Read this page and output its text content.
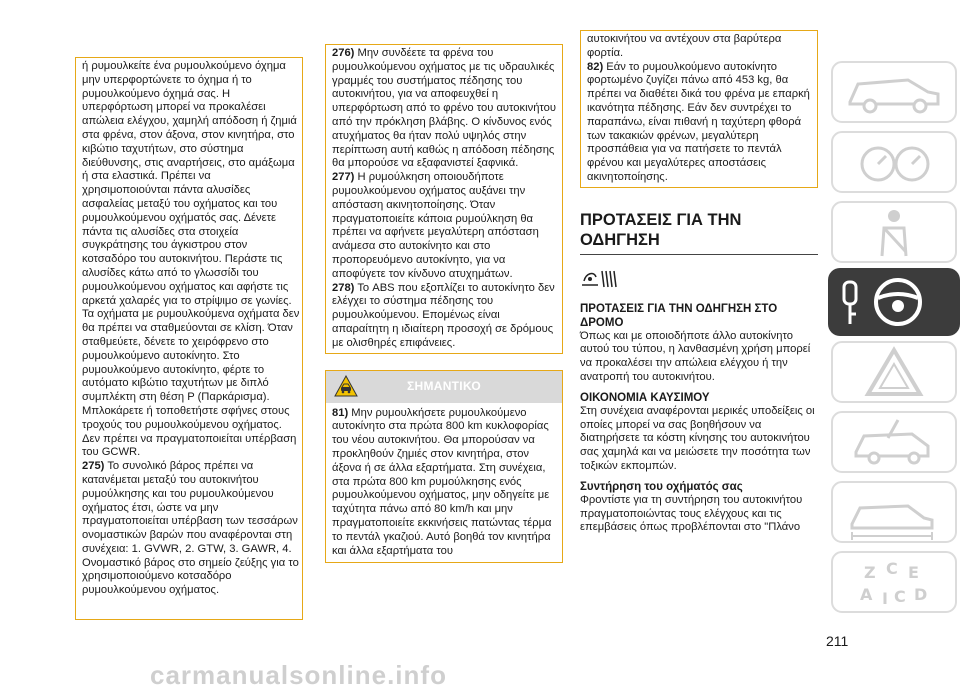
ή ρυμουλκείτε ένα ρυμουλκούμενο όχημα μην υπερφορτώνετε το όχημα ή το ρυμουλκούμενο όχημά σας. Η υπερφόρτωση μπορεί να προκαλέσει απώλεια ελέγχου, χαμηλή απόδοση ή ζημιά στα φρένα, στον άξονα, στον κινητήρα, στο κιβώτιο ταχυτήτων, στο σύστημα διεύθυνσης, στις αναρτήσεις, στο αμάξωμα ή στα ελαστικά. Πρέπει να χρησιμοποιούνται πάντα αλυσίδες ασφαλείας μεταξύ του οχήματος και του ρυμουλκούμενου οχήματός σας. Δένετε πάντα τις αλυσίδες στα στοιχεία συγκράτησης του άγκιστρου στον κοτσαδόρο του αυτοκινήτου. Περάστε τις αλυσίδες κάτω από το γλωσσίδι του ρυμουλκούμενου οχήματος και αφήστε τις αρκετά χαλαρές για το στρίψιμο σε γωνίες. Τα οχήματα με ρυμουλκούμενα οχήματα δεν θα πρέπει να σταθμεύονται σε κλίση. Όταν σταθμεύετε, δένετε το χειρόφρενο στο ρυμουλκούμενο αυτοκίνητο. Στο ρυμουλκούμενο αυτοκίνητο, φέρτε το αυτόματο κιβώτιο ταχυτήτων με διπλό συμπλέκτη στη θέση P (Παρκάρισμα). Μπλοκάρετε ή τοποθετήστε σφήνες στους τροχούς του ρυμουλκούμενου οχήματος. Δεν πρέπει να πραγματοποιείται υπέρβαση του GCWR.

275) Το συνολικό βάρος πρέπει να κατανέμεται μεταξύ του αυτοκινήτου ρυμούλκησης και του ρυμουλκούμενου οχήματος έτσι, ώστε να μην πραγματοποιείται υπέρβαση των τεσσάρων ονομαστικών βαρών που αναφέρονται στη συνέχεια: 1. GVWR, 2. GTW, 3. GAWR, 4. Ονομαστικό βάρος στο σημείο ζεύξης για το χρησιμοποιούμενο κοτσαδόρο ρυμουλκούμενου οχήματος.

276) Μην συνδέετε τα φρένα του ρυμουλκούμενου οχήματος με τις υδραυλικές γραμμές του συστήματος πέδησης του αυτοκινήτου, για να αποφευχθεί η υπερφόρτωση από το φρένο του αυτοκινήτου από την πρόκληση βλάβης. Ο κίνδυνος ενός ατυχήματος θα ήταν πολύ υψηλός στην περίπτωση αυτή καθώς η απόδοση πέδησης θα μπορούσε να εξαφανιστεί ξαφνικά.

277) Η ρυμούλκηση οποιουδήποτε ρυμουλκούμενου οχήματος αυξάνει την απόσταση ακινητοποίησης. Όταν πραγματοποιείτε κάποια ρυμούλκηση θα πρέπει να αφήνετε μεγαλύτερη απόσταση ανάμεσα στο αυτοκίνητο και στο προπορευόμενο αυτοκίνητο, για να αποφύγετε τον κίνδυνο ατυχημάτων.

278) Το ABS που εξοπλίζει το αυτοκίνητο δεν ελέγχει το σύστημα πέδησης του ρυμουλκούμενου. Επομένως είναι απαραίτητη η ιδιαίτερη προσοχή σε δρόμους με ολισθηρές επιφάνειες.

ΣΗΜΑΝΤΙΚΟ

81) Μην ρυμουλκήσετε ρυμουλκούμενο αυτοκίνητο στα πρώτα 800 km κυκλοφορίας του νέου αυτοκινήτου. Θα μπορούσαν να προκληθούν ζημιές στον κινητήρα, στον άξονα ή σε άλλα εξαρτήματα. Στη συνέχεια, στα πρώτα 800 km ρυμούλκησης ενός ρυμουλκούμενου οχήματος, μην οδηγείτε με ταχύτητα πάνω από 80 km/h και μην πραγματοποιείτε εκκινήσεις πατώντας τέρμα το πεντάλ γκαζιού. Αυτό βοηθά τον κινητήρα και άλλα εξαρτήματα του

αυτοκινήτου να αντέχουν στα βαρύτερα φορτία.

82) Εάν το ρυμουλκούμενο αυτοκίνητο φορτωμένο ζυγίζει πάνω από 453 kg, θα πρέπει να διαθέτει δικά του φρένα με επαρκή ικανότητα πέδησης. Εάν δεν συντρέχει το παραπάνω, είναι πιθανή η ταχύτερη φθορά των τακακιών φρένων, μεγαλύτερη προσπάθεια για να πατήσετε το πεντάλ φρένου και μεγαλύτερες αποστάσεις ακινητοποίησης.

ΠΡΟΤΑΣΕΙΣ ΓΙΑ ΤΗΝ ΟΔΗΓΗΣΗ
ΠΡΟΤΑΣΕΙΣ ΓΙΑ ΤΗΝ ΟΔΗΓΗΣΗ ΣΤΟ ΔΡΟΜΟ

Όπως και με οποιοδήποτε άλλο αυτοκίνητο αυτού του τύπου, η λανθασμένη χρήση μπορεί να προκαλέσει την απώλεια ελέγχου ή την ανατροπή του αυτοκινήτου.

ΟΙΚΟΝΟΜΙΑ ΚΑΥΣΙΜΟΥ

Στη συνέχεια αναφέρονται μερικές υποδείξεις οι οποίες μπορεί να σας βοηθήσουν να διατηρήσετε τα κόστη κίνησης του αυτοκινήτου σας χαμηλά και να μειώσετε την ποσότητα των τοξικών εκπομπών.

Συντήρηση του οχήματός σας

Φροντίστε για τη συντήρηση του αυτοκινήτου πραγματοποιώντας τους ελέγχους και τις επεμβάσεις όπως προβλέπονται στο "Πλάνο

211
carmanualsonline.info
Z C E
A I C D
